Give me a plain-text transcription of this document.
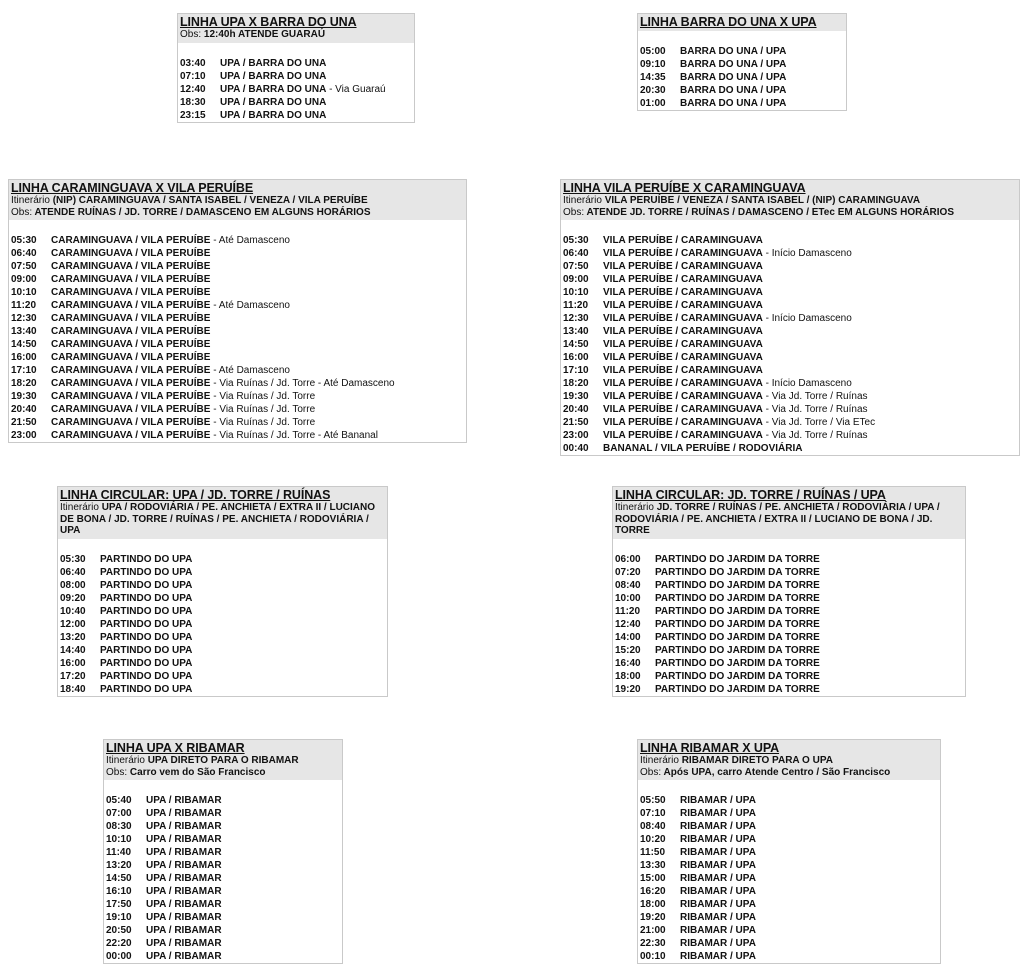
LINHA UPA X BARRA DO UNA
Obs: 12:40h ATENDE GUARAÚ
03:40 UPA / BARRA DO UNA
07:10 UPA / BARRA DO UNA
12:40 UPA / BARRA DO UNA - Via Guaraú
18:30 UPA / BARRA DO UNA
23:15 UPA / BARRA DO UNA
LINHA BARRA DO UNA X UPA
05:00 BARRA DO UNA / UPA
09:10 BARRA DO UNA / UPA
14:35 BARRA DO UNA / UPA
20:30 BARRA DO UNA / UPA
01:00 BARRA DO UNA / UPA
LINHA CARAMINGUAVA X VILA PERUÍBE
Itinerário (NIP) CARAMINGUAVA / SANTA ISABEL / VENEZA / VILA PERUÍBE
Obs: ATENDE RUÍNAS / JD. TORRE / DAMASCENO EM ALGUNS HORÁRIOS
05:30 CARAMINGUAVA / VILA PERUÍBE - Até Damasceno
06:40 CARAMINGUAVA / VILA PERUÍBE
07:50 CARAMINGUAVA / VILA PERUÍBE
09:00 CARAMINGUAVA / VILA PERUÍBE
10:10 CARAMINGUAVA / VILA PERUÍBE
11:20 CARAMINGUAVA / VILA PERUÍBE - Até Damasceno
12:30 CARAMINGUAVA / VILA PERUÍBE
13:40 CARAMINGUAVA / VILA PERUÍBE
14:50 CARAMINGUAVA / VILA PERUÍBE
16:00 CARAMINGUAVA / VILA PERUÍBE
17:10 CARAMINGUAVA / VILA PERUÍBE - Até Damasceno
18:20 CARAMINGUAVA / VILA PERUÍBE - Via Ruínas / Jd. Torre - Até Damasceno
19:30 CARAMINGUAVA / VILA PERUÍBE - Via Ruínas / Jd. Torre
20:40 CARAMINGUAVA / VILA PERUÍBE - Via Ruínas / Jd. Torre
21:50 CARAMINGUAVA / VILA PERUÍBE - Via Ruínas / Jd. Torre
23:00 CARAMINGUAVA / VILA PERUÍBE - Via Ruínas / Jd. Torre - Até Bananal
LINHA VILA PERUÍBE X CARAMINGUAVA
Itinerário VILA PERUÍBE / VENEZA / SANTA ISABEL / (NIP) CARAMINGUAVA
Obs: ATENDE JD. TORRE / RUÍNAS / DAMASCENO / ETec EM ALGUNS HORÁRIOS
05:30 VILA PERUÍBE / CARAMINGUAVA
06:40 VILA PERUÍBE / CARAMINGUAVA - Início Damasceno
07:50 VILA PERUÍBE / CARAMINGUAVA
09:00 VILA PERUÍBE / CARAMINGUAVA
10:10 VILA PERUÍBE / CARAMINGUAVA
11:20 VILA PERUÍBE / CARAMINGUAVA
12:30 VILA PERUÍBE / CARAMINGUAVA - Início Damasceno
13:40 VILA PERUÍBE / CARAMINGUAVA
14:50 VILA PERUÍBE / CARAMINGUAVA
16:00 VILA PERUÍBE / CARAMINGUAVA
17:10 VILA PERUÍBE / CARAMINGUAVA
18:20 VILA PERUÍBE / CARAMINGUAVA - Início Damasceno
19:30 VILA PERUÍBE / CARAMINGUAVA - Via Jd. Torre / Ruínas
20:40 VILA PERUÍBE / CARAMINGUAVA - Via Jd. Torre / Ruínas
21:50 VILA PERUÍBE / CARAMINGUAVA - Via Jd. Torre / Via ETec
23:00 VILA PERUÍBE / CARAMINGUAVA - Via Jd. Torre / Ruínas
00:40 BANANAL / VILA PERUÍBE / RODOVIÁRIA
LINHA CIRCULAR: UPA / JD. TORRE / RUÍNAS
Itinerário UPA / RODOVIÁRIA / PE. ANCHIETA / EXTRA II / LUCIANO DE BONA / JD. TORRE / RUÍNAS / PE. ANCHIETA / RODOVIÁRIA / UPA
05:30 PARTINDO DO UPA
06:40 PARTINDO DO UPA
08:00 PARTINDO DO UPA
09:20 PARTINDO DO UPA
10:40 PARTINDO DO UPA
12:00 PARTINDO DO UPA
13:20 PARTINDO DO UPA
14:40 PARTINDO DO UPA
16:00 PARTINDO DO UPA
17:20 PARTINDO DO UPA
18:40 PARTINDO DO UPA
LINHA CIRCULAR: JD. TORRE / RUÍNAS / UPA
Itinerário JD. TORRE / RUÍNAS / PE. ANCHIETA / RODOVIÁRIA / UPA / RODOVIÁRIA / PE. ANCHIETA / EXTRA II / LUCIANO DE BONA / JD. TORRE
06:00 PARTINDO DO JARDIM DA TORRE
07:20 PARTINDO DO JARDIM DA TORRE
08:40 PARTINDO DO JARDIM DA TORRE
10:00 PARTINDO DO JARDIM DA TORRE
11:20 PARTINDO DO JARDIM DA TORRE
12:40 PARTINDO DO JARDIM DA TORRE
14:00 PARTINDO DO JARDIM DA TORRE
15:20 PARTINDO DO JARDIM DA TORRE
16:40 PARTINDO DO JARDIM DA TORRE
18:00 PARTINDO DO JARDIM DA TORRE
19:20 PARTINDO DO JARDIM DA TORRE
LINHA UPA X RIBAMAR
Itinerário UPA DIRETO PARA O RIBAMAR
Obs: Carro vem do São Francisco
05:40 UPA / RIBAMAR
07:00 UPA / RIBAMAR
08:30 UPA / RIBAMAR
10:10 UPA / RIBAMAR
11:40 UPA / RIBAMAR
13:20 UPA / RIBAMAR
14:50 UPA / RIBAMAR
16:10 UPA / RIBAMAR
17:50 UPA / RIBAMAR
19:10 UPA / RIBAMAR
20:50 UPA / RIBAMAR
22:20 UPA / RIBAMAR
00:00 UPA / RIBAMAR
LINHA RIBAMAR X UPA
Itinerário RIBAMAR DIRETO PARA O UPA
Obs: Após UPA, carro Atende Centro / São Francisco
05:50 RIBAMAR / UPA
07:10 RIBAMAR / UPA
08:40 RIBAMAR / UPA
10:20 RIBAMAR / UPA
11:50 RIBAMAR / UPA
13:30 RIBAMAR / UPA
15:00 RIBAMAR / UPA
16:20 RIBAMAR / UPA
18:00 RIBAMAR / UPA
19:20 RIBAMAR / UPA
21:00 RIBAMAR / UPA
22:30 RIBAMAR / UPA
00:10 RIBAMAR / UPA
